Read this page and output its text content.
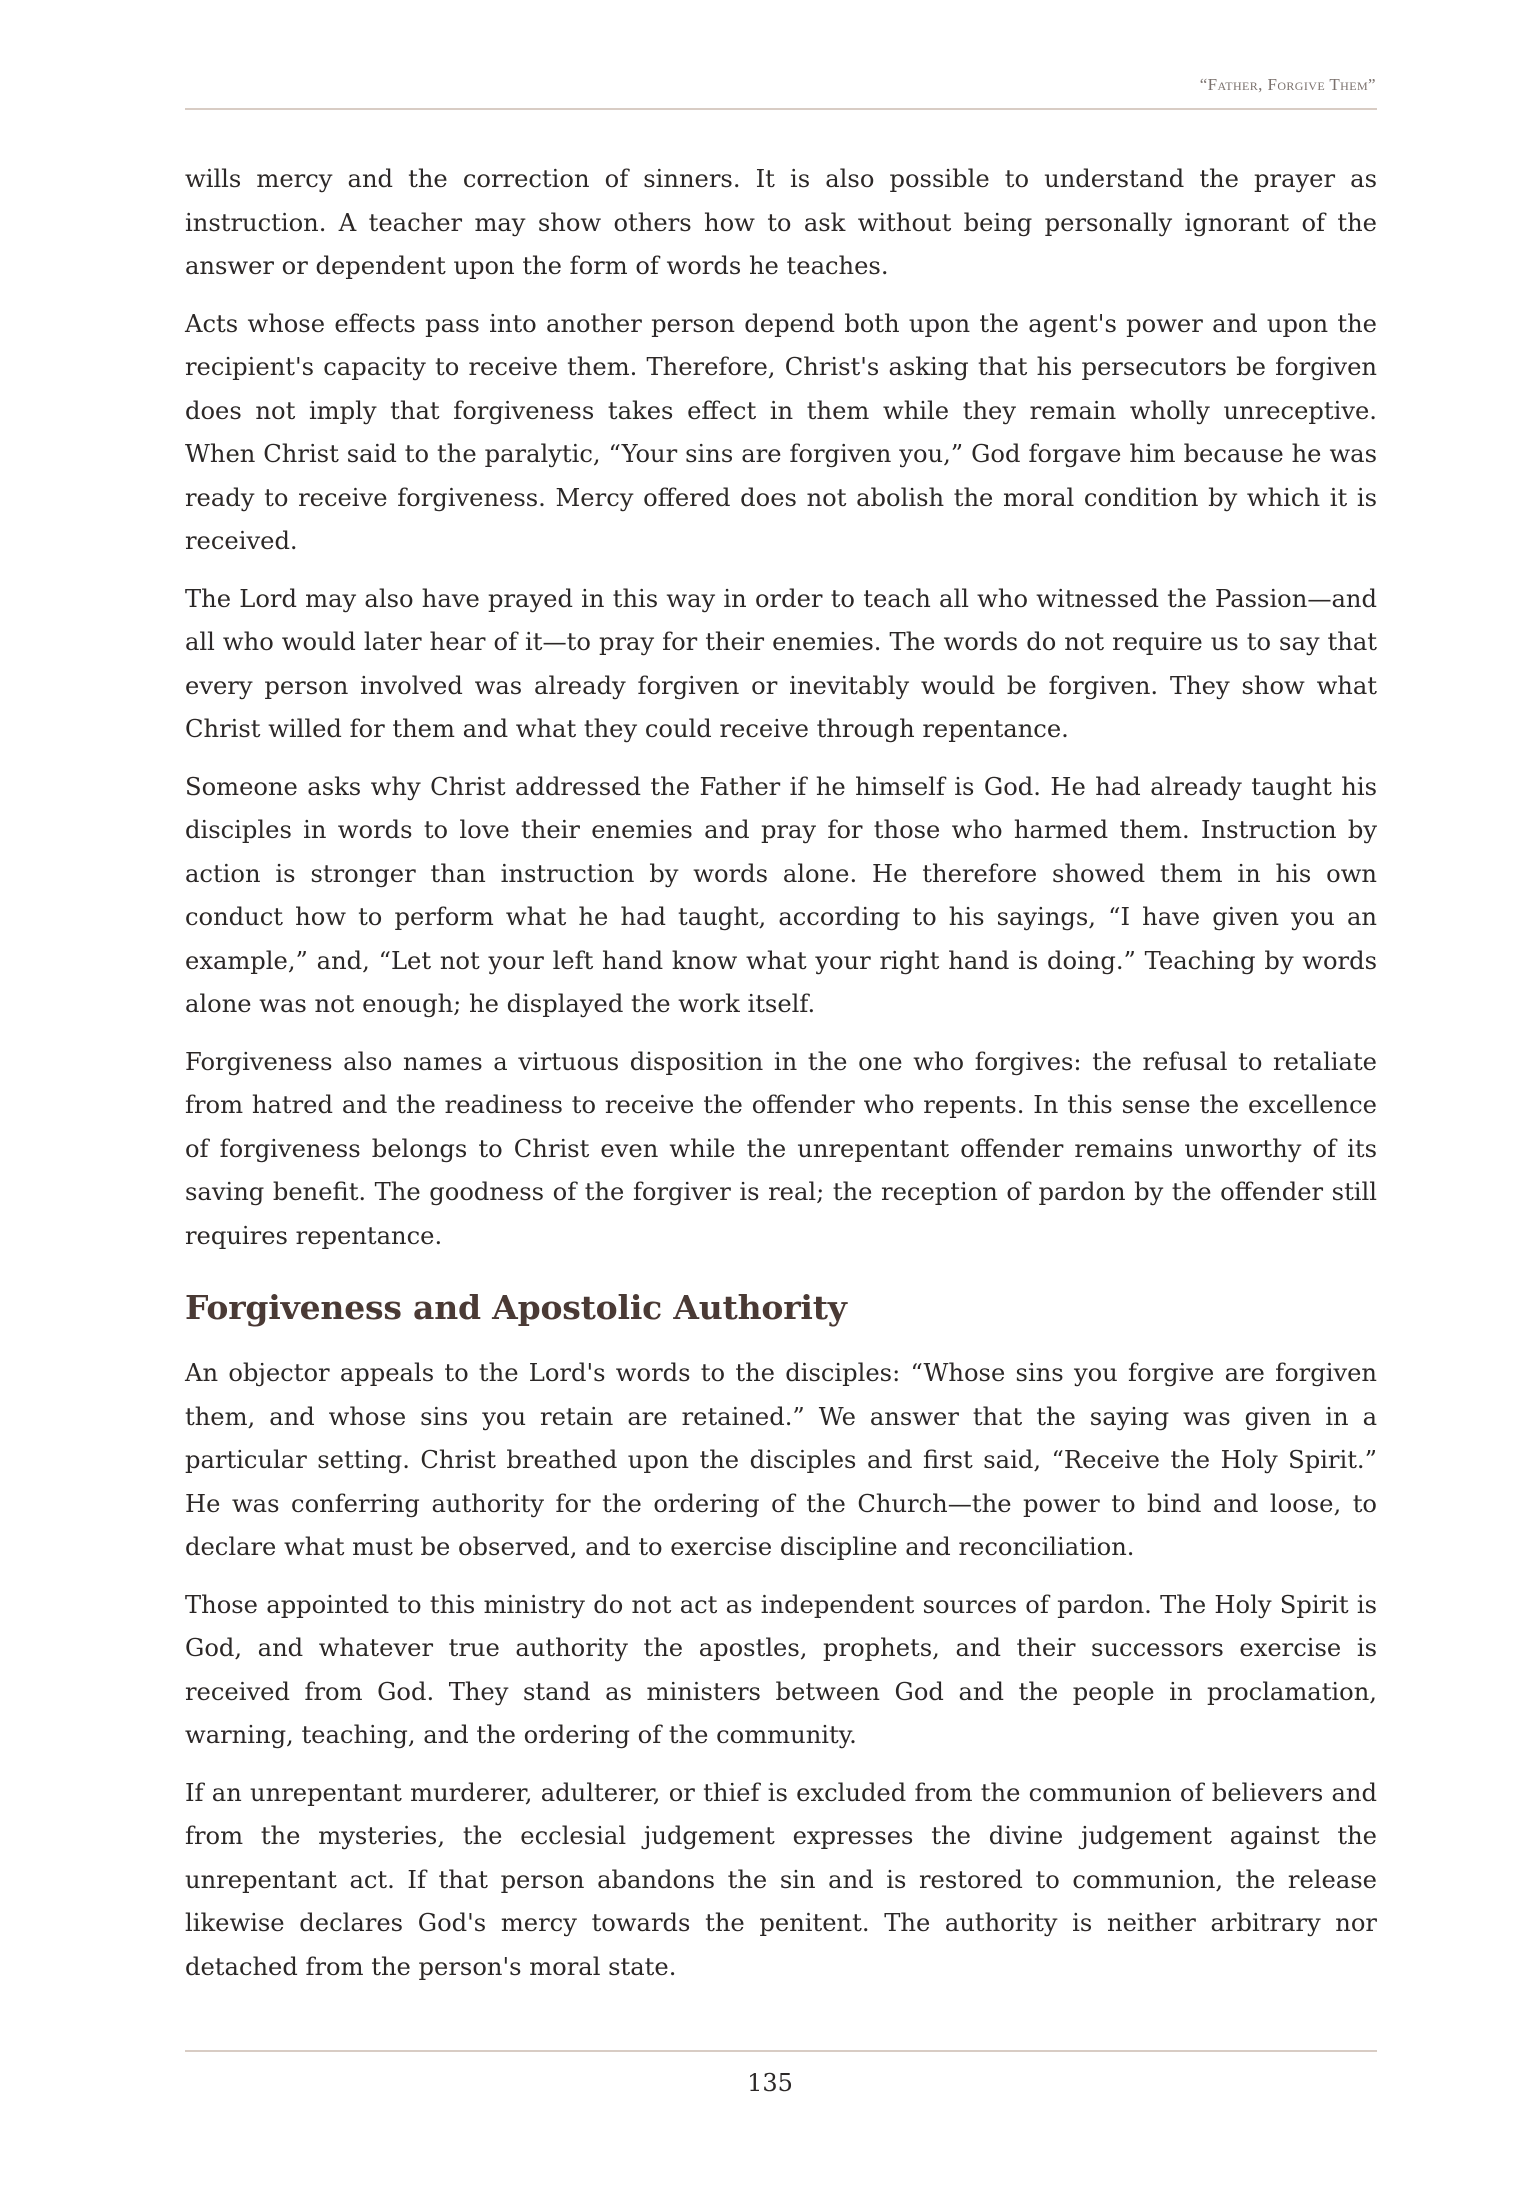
“Father, Forgive Them”

wills mercy and the correction of sinners. It is also possible to understand the prayer as instruction. A teacher may show others how to ask without being personally ignorant of the answer or dependent upon the form of words he teaches.

Acts whose effects pass into another person depend both upon the agent's power and upon the recipient's capacity to receive them. Therefore, Christ's asking that his persecutors be forgiven does not imply that forgiveness takes effect in them while they remain wholly unreceptive. When Christ said to the paralytic, “Your sins are forgiven you,” God forgave him because he was ready to receive forgiveness. Mercy offered does not abolish the moral condition by which it is received.

The Lord may also have prayed in this way in order to teach all who witnessed the Passion—and all who would later hear of it—to pray for their enemies. The words do not require us to say that every person involved was already forgiven or inevitably would be forgiven. They show what Christ willed for them and what they could receive through repentance.

Someone asks why Christ addressed the Father if he himself is God. He had already taught his disciples in words to love their enemies and pray for those who harmed them. Instruction by action is stronger than instruction by words alone. He therefore showed them in his own conduct how to perform what he had taught, according to his sayings, “I have given you an example,” and, “Let not your left hand know what your right hand is doing.” Teaching by words alone was not enough; he displayed the work itself.

Forgiveness also names a virtuous disposition in the one who forgives: the refusal to retaliate from hatred and the readiness to receive the offender who repents. In this sense the excellence of forgiveness belongs to Christ even while the unrepentant offender remains unworthy of its saving benefit. The goodness of the forgiver is real; the reception of pardon by the offender still requires repentance.

Forgiveness and Apostolic Authority

An objector appeals to the Lord's words to the disciples: “Whose sins you forgive are forgiven them, and whose sins you retain are retained.” We answer that the saying was given in a particular setting. Christ breathed upon the disciples and first said, “Receive the Holy Spirit.” He was conferring authority for the ordering of the Church—the power to bind and loose, to declare what must be observed, and to exercise discipline and reconciliation.

Those appointed to this ministry do not act as independent sources of pardon. The Holy Spirit is God, and whatever true authority the apostles, prophets, and their successors exercise is received from God. They stand as ministers between God and the people in proclamation, warning, teaching, and the ordering of the community.

If an unrepentant murderer, adulterer, or thief is excluded from the communion of believers and from the mysteries, the ecclesial judgement expresses the divine judgement against the unrepentant act. If that person abandons the sin and is restored to communion, the release likewise declares God's mercy towards the penitent. The authority is neither arbitrary nor detached from the person's moral state.

135
